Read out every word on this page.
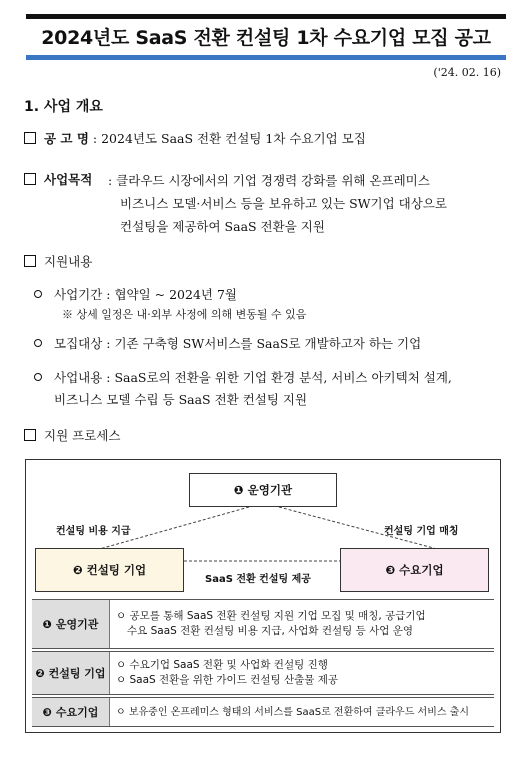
2024년도 SaaS 전환 컨설팅 1차 수요기업 모집 공고
('24. 02. 16)
1. 사업 개요
공 고 명 : 2024년도 SaaS 전환 컨설팅 1차 수요기업 모집
사업목적 : 클라우드 시장에서의 기업 경쟁력 강화를 위해 온프레미스
비즈니스 모델·서비스 등을 보유하고 있는 SW기업 대상으로
컨설팅을 제공하여 SaaS 전환을 지원
지원내용
사업기간 : 협약일 ~ 2024년 7월
※ 상세 일정은 내·외부 사정에 의해 변동될 수 있음
모집대상 : 기존 구축형 SW서비스를 SaaS로 개발하고자 하는 기업
사업내용 : SaaS로의 전환을 위한 기업 환경 분석, 서비스 아키텍처 설계,
비즈니스 모델 수립 등 SaaS 전환 컨설팅 지원
지원 프로세스
❶ 운영기관
컨설팅 비용 지급	컨설팅 기업 매칭
❷ 컨설팅 기업	❸ 수요기업
SaaS 전환 컨설팅 제공
❶ 운영기관
ㅇ 공모를 통해 SaaS 전환 컨설팅 지원 기업 모집 및 매칭, 공급기업
수요 SaaS 전환 컨설팅 비용 지급, 사업화 컨설팅 등 사업 운영
❷ 컨설팅 기업
ㅇ 수요기업 SaaS 전환 및 사업화 컨설팅 진행
ㅇ SaaS 전환을 위한 가이드 컨설팅 산출물 제공
❸ 수요기업	ㅇ 보유중인 온프레미스 형태의 서비스를 SaaS로 전환하여 클라우드 서비스 출시
